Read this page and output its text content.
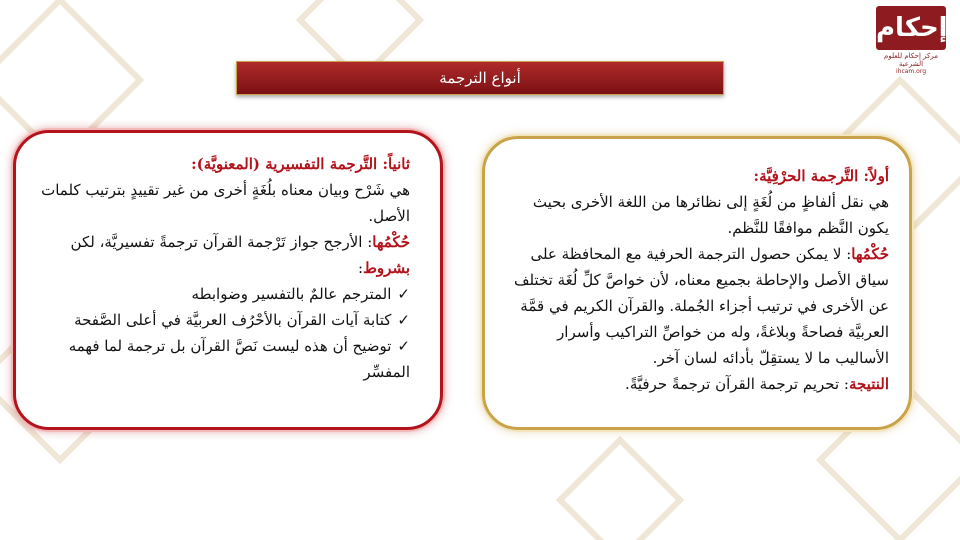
إحكام
مركز إحكام للعلوم الشرعية
ihcam.org
أنواع الترجمة

ثانياً: التَّرجمة التفسيرية (المعنويَّة):

هي شَرْح وبيان معناه بلُغَةٍ أخرى من غير تقييدٍ بترتيب كلمات الأصل.

حُكْمُها: الأرجح جواز تَرْجمة القرآن ترجمةً تفسيريَّة، لكن بشروط:

✓المترجم عالمٌ بالتفسير وضوابطه
✓كتابة آيات القرآن بالأحْرُف العربيَّة في أعلى الصَّفحة
✓توضيح أن هذه ليست نَصَّ القرآن بل ترجمة لما فهمه المفسِّر

أولاً: التَّرجمة الحرْفِيَّة:

هي نقل ألفاظٍ من لُغَةٍ إلى نظائرها من اللغة الأخرى بحيث يكون النَّظم موافقًا للنَّظم.

حُكْمُها: لا يمكن حصول الترجمة الحرفية مع المحافظة على سياق الأصل والإحاطة بجميع معناه، لأن خواصَّ كلِّ لُغَة تختلف عن الأخرى في ترتيب أجزاء الجُملة. والقرآن الكريم في قمَّة العربيَّة فصاحةً وبلاغةً، وله من خواصِّ التراكيب وأسرار الأساليب ما لا يستقِلّ بأدائه لسان آخر.

النتيجة: تحريم ترجمة القرآن ترجمةً حرفيَّةً.
